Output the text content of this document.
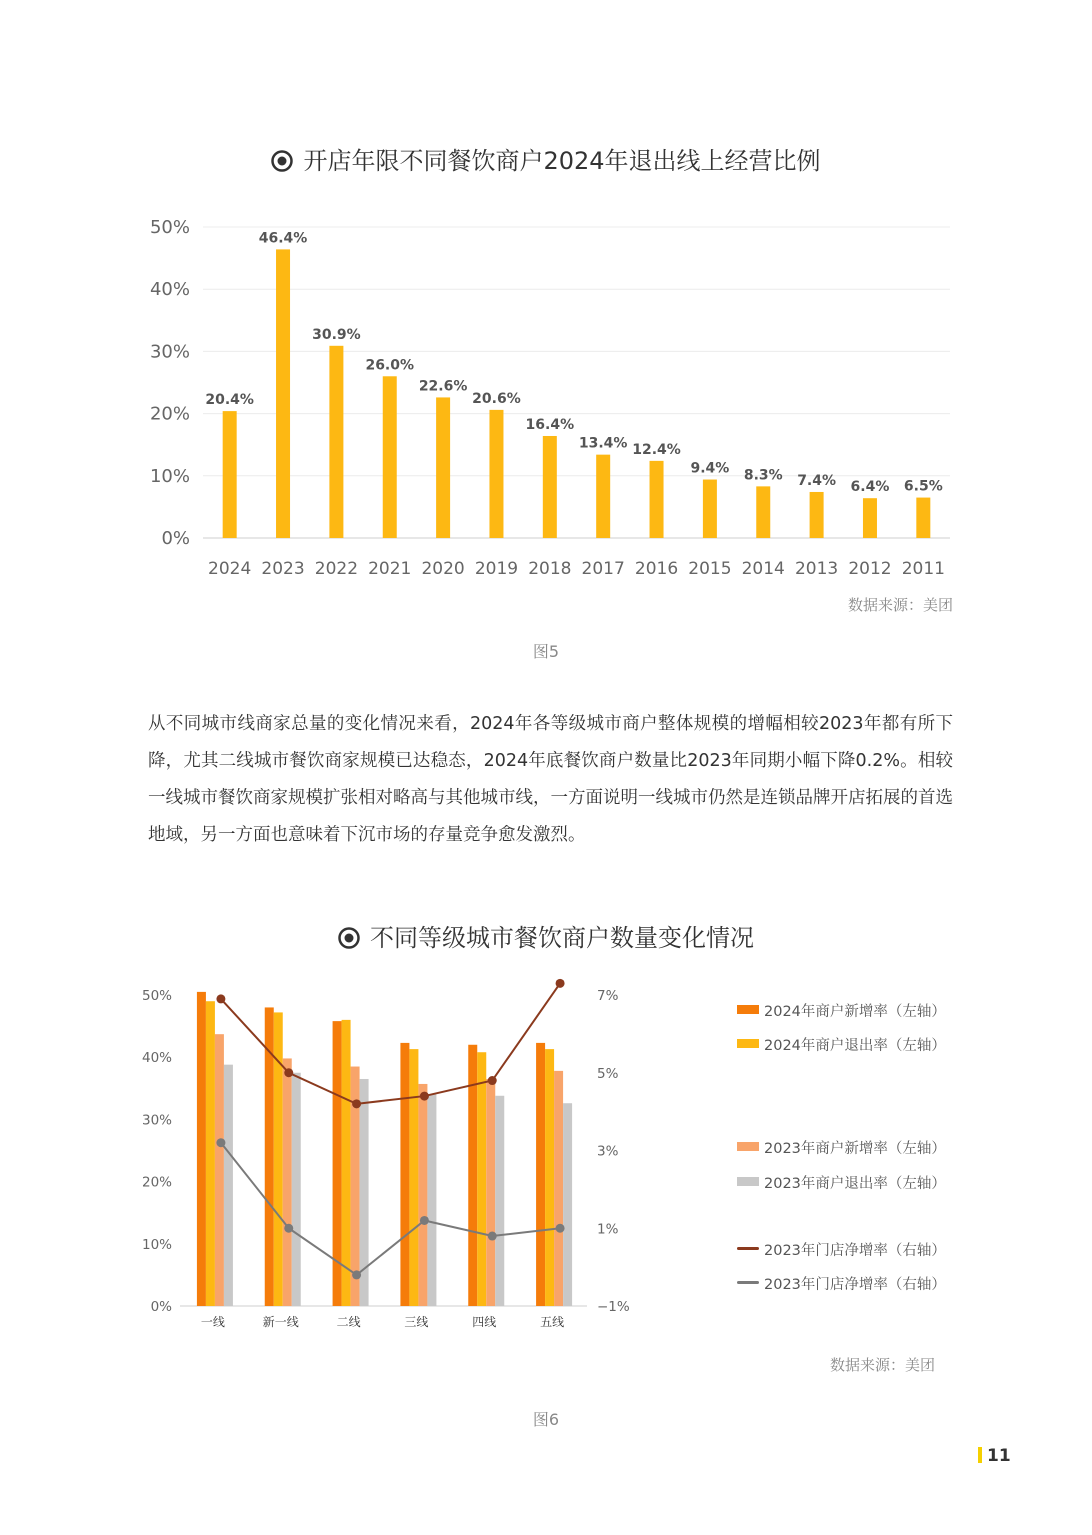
开店年限不同餐饮商户2024年退出线上经营比例
0%
10%
20%
30%
40%
50%
20.4%
2024
46.4%
2023
30.9%
2022
26.0%
2021
22.6%
2020
20.6%
2019
16.4%
2018
13.4%
2017
12.4%
2016
9.4%
2015
8.3%
2014
7.4%
2013
6.4%
2012
6.5%
2011
数据来源：美团
图5

从不同城市线商家总量的变化情况来看，2024年各等级城市商户整体规模的增幅相较2023年都有所下降，尤其二线城市餐饮商家规模已达稳态，2024年底餐饮商户数量比2023年同期小幅下降0.2%。相较一线城市餐饮商家规模扩张相对略高与其他城市线，一方面说明一线城市仍然是连锁品牌开店拓展的首选地域，另一方面也意味着下沉市场的存量竞争愈发激烈。

不同等级城市餐饮商户数量变化情况
0%
10%
20%
30%
40%
50%
−1%
1%
3%
5%
7%
一线	新一线	二线	三线	四线	五线
2024年商户新增率（左轴）
2024年商户退出率（左轴）
2023年商户新增率（左轴）
2023年商户退出率（左轴）
2023年门店净增率（右轴）
2023年门店净增率（右轴）
数据来源：美团
图6
11
